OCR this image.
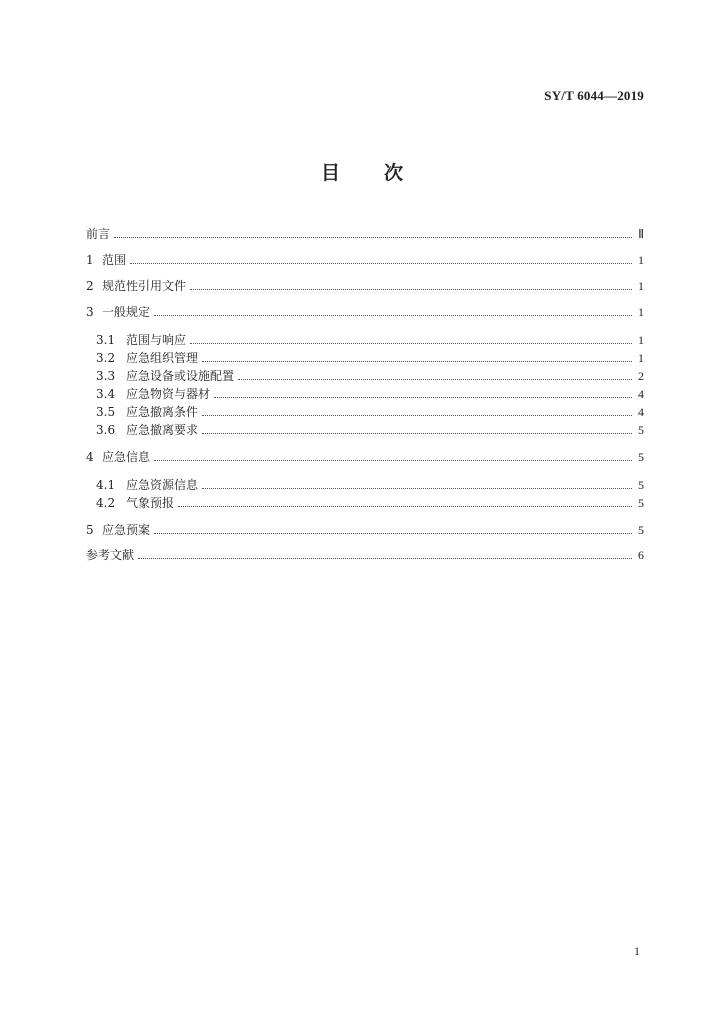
SY/T 6044—2019
目 次
前言	Ⅱ
1 范围	1
2 规范性引用文件	1
3 一般规定	1
3.1 范围与响应	1
3.2 应急组织管理	1
3.3 应急设备或设施配置	2
3.4 应急物资与器材	4
3.5 应急撤离条件	4
3.6 应急撤离要求	5
4 应急信息	5
4.1 应急资源信息	5
4.2 气象预报	5
5 应急预案	5
参考文献	6
1
